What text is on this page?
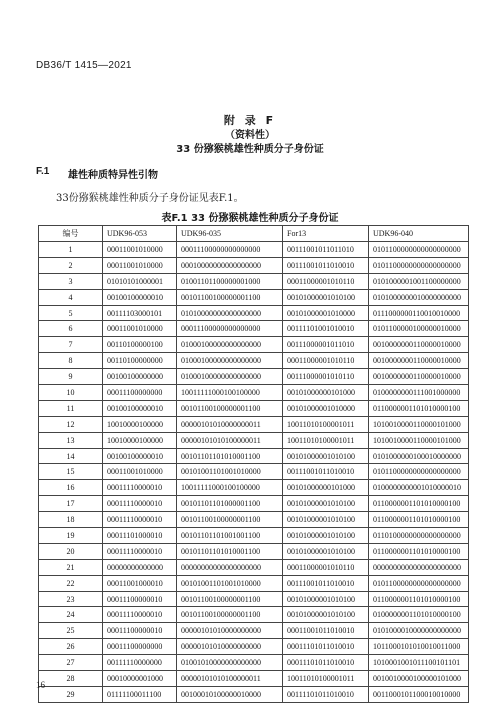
DB36/T 1415—2021
附 录 F
（资料性）
33 份猕猴桃雄性种质分子身份证
F.1 雄性种质特异性引物
33份猕猴桃雄性种质分子身份证见表F.1。
表F.1 33 份猕猴桃雄性种质分子身份证
编号	UDK96-053	UDK96-035	For13	UDK96-040
1	00011001010000	00011100000000000000	00111001011011010	0101100000000000000000
2	00011001010000	00010000000000000000	00111001011010010	0101100000000000000000
3	01010101000001	01001101100000001000	00011000001010110	0101000001001100000000
4	00100100000010	00101100100000001100	00101000001010100	0101000000010000000000
5	00111103000101	01010000000000000000	00101000001010000	0111000000110010010000
6	00011001010000	00011100000000000000	00111101001010010	0101100000100000010000
7	00110100000100	01000100000000000000	00111000001011010	0010000000110000010000
8	00110100000000	01000100000000000000	00011000001010110	0010000000110000010000
9	00100100000000	01000100000000000000	00111000001010110	0010000000110000010000
10	00011100000000	10011111000100100000	00101000000101000	0100000000111001000000
11	00100100000010	00101100100000001100	00101000001010000	0110000001101010000100
12	10010000100000	00000101010000000011	10011010100001011	1010010000110000101000
13	10010000100000	00000101010100000011	10011010100001011	1010010000110000101000
14	00100100000010	00101101101010001100	00101000001010100	0101000000100010000000
15	00011001010000	00101001101001010000	00111001011010010	0101100000000000000000
16	00011110000010	10011111000100100000	00101000000101000	0100000000001010000010
17	00011110000010	00101101101000001100	00101000001010100	0110000001101010000100
18	00011110000010	00101100100000001100	00101000001010100	0110000001101010000100
19	00011101000010	00101101101001001100	00101000001010100	0110100000000000000000
20	00011110000010	00101101101010001100	00101000001010100	0110000001101010000100
21	00000000000000	00000000000000000000	00011000001010110	0000000000000000000000
22	00011001000010	00101001101001010000	00111001011010010	0101100000000000000000
23	00011100000010	00101100100000001100	00101000001010100	0110000001101010000100
24	00011110000010	00101100100000001100	00101000001010100	0100000001101010000100
25	00011100000010	00000101010000000000	00011001011010010	0101000010000000000000
26	00011100000000	00000101010000000000	00011101011010010	1011000101010010011000
27	00111110000000	01001010000000000000	00011101011010010	1010001001011100101101
28	00010000001000	00000101010100000011	10011010100001011	0010010000100000101000
29	01111100011100	00100010100000010000	00111101011010010	0011000101100010010000
16
